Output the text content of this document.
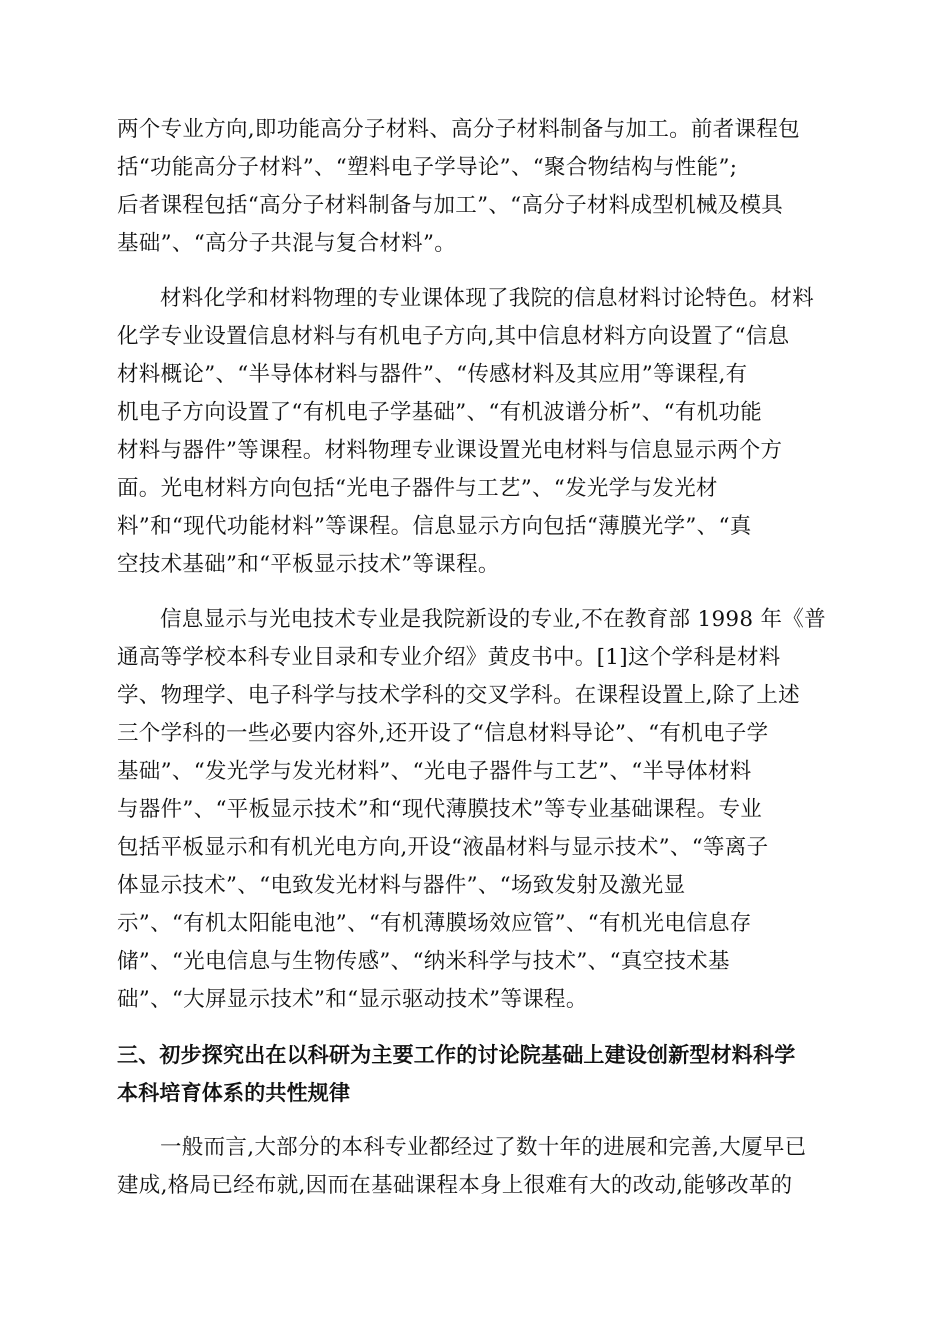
两个专业方向,即功能高分子材料、高分子材料制备与加工。前者课程包
括“功能高分子材料”、“塑料电子学导论”、“聚合物结构与性能”;
后者课程包括“高分子材料制备与加工”、“高分子材料成型机械及模具
基础”、“高分子共混与复合材料”。
材料化学和材料物理的专业课体现了我院的信息材料讨论特色。材料
化学专业设置信息材料与有机电子方向,其中信息材料方向设置了“信息
材料概论”、“半导体材料与器件”、“传感材料及其应用”等课程,有
机电子方向设置了“有机电子学基础”、“有机波谱分析”、“有机功能
材料与器件”等课程。材料物理专业课设置光电材料与信息显示两个方
面。光电材料方向包括“光电子器件与工艺”、“发光学与发光材
料”和“现代功能材料”等课程。信息显示方向包括“薄膜光学”、“真
空技术基础”和“平板显示技术”等课程。
信息显示与光电技术专业是我院新设的专业,不在教育部 1998 年《普
通高等学校本科专业目录和专业介绍》黄皮书中。[1]这个学科是材料
学、物理学、电子科学与技术学科的交叉学科。在课程设置上,除了上述
三个学科的一些必要内容外,还开设了“信息材料导论”、“有机电子学
基础”、“发光学与发光材料”、“光电子器件与工艺”、“半导体材料
与器件”、“平板显示技术”和“现代薄膜技术”等专业基础课程。专业
包括平板显示和有机光电方向,开设“液晶材料与显示技术”、“等离子
体显示技术”、“电致发光材料与器件”、“场致发射及激光显
示”、“有机太阳能电池”、“有机薄膜场效应管”、“有机光电信息存
储”、“光电信息与生物传感”、“纳米科学与技术”、“真空技术基
础”、“大屏显示技术”和“显示驱动技术”等课程。
三、初步探究出在以科研为主要工作的讨论院基础上建设创新型材料科学
本科培育体系的共性规律
一般而言,大部分的本科专业都经过了数十年的进展和完善,大厦早已
建成,格局已经布就,因而在基础课程本身上很难有大的改动,能够改革的
